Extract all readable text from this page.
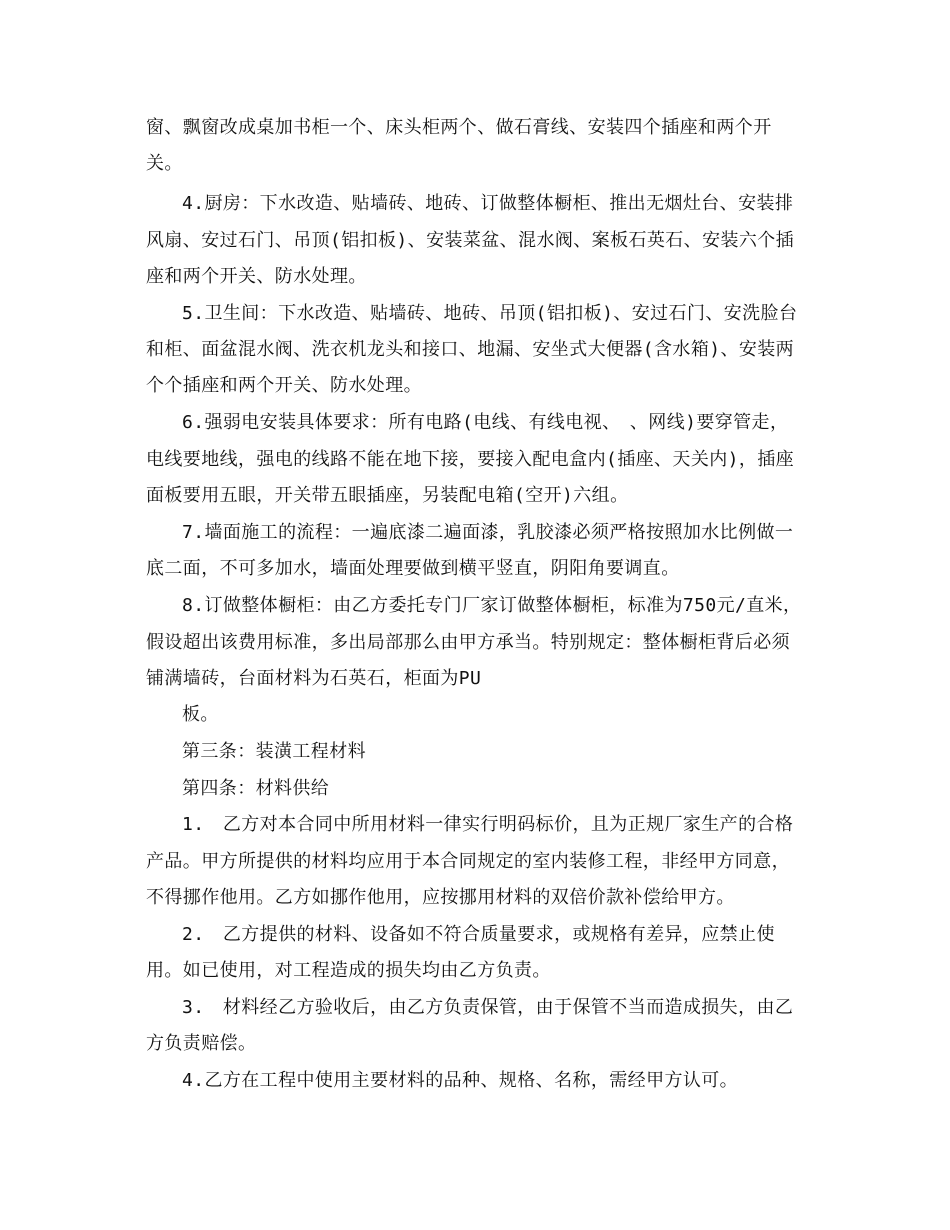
窗、飘窗改成桌加书柜一个、床头柜两个、做石膏线、安装四个插座和两个开
关。
4.厨房：下水改造、贴墙砖、地砖、订做整体橱柜、推出无烟灶台、安装排
风扇、安过石门、吊顶(铝扣板)、安装菜盆、混水阀、案板石英石、安装六个插
座和两个开关、防水处理。
5.卫生间：下水改造、贴墙砖、地砖、吊顶(铝扣板)、安过石门、安洗脸台
和柜、面盆混水阀、洗衣机龙头和接口、地漏、安坐式大便器(含水箱)、安装两
个个插座和两个开关、防水处理。
6.强弱电安装具体要求：所有电路(电线、有线电视、　、网线)要穿管走，
电线要地线，强电的线路不能在地下接，要接入配电盒内(插座、天关内)，插座
面板要用五眼，开关带五眼插座，另装配电箱(空开)六组。
7.墙面施工的流程：一遍底漆二遍面漆，乳胶漆必须严格按照加水比例做一
底二面，不可多加水，墙面处理要做到横平竖直，阴阳角要调直。
8.订做整体橱柜：由乙方委托专门厂家订做整体橱柜，标准为750元/直米，
假设超出该费用标准，多出局部那么由甲方承当。特别规定：整体橱柜背后必须
铺满墙砖，台面材料为石英石，柜面为PU
板。
第三条：装潢工程材料
第四条：材料供给
1.　乙方对本合同中所用材料一律实行明码标价，且为正规厂家生产的合格
产品。甲方所提供的材料均应用于本合同规定的室内装修工程，非经甲方同意，
不得挪作他用。乙方如挪作他用，应按挪用材料的双倍价款补偿给甲方。
2.　乙方提供的材料、设备如不符合质量要求，或规格有差异，应禁止使
用。如已使用，对工程造成的损失均由乙方负责。
3.　材料经乙方验收后，由乙方负责保管，由于保管不当而造成损失，由乙
方负责赔偿。
4.乙方在工程中使用主要材料的品种、规格、名称，需经甲方认可。
